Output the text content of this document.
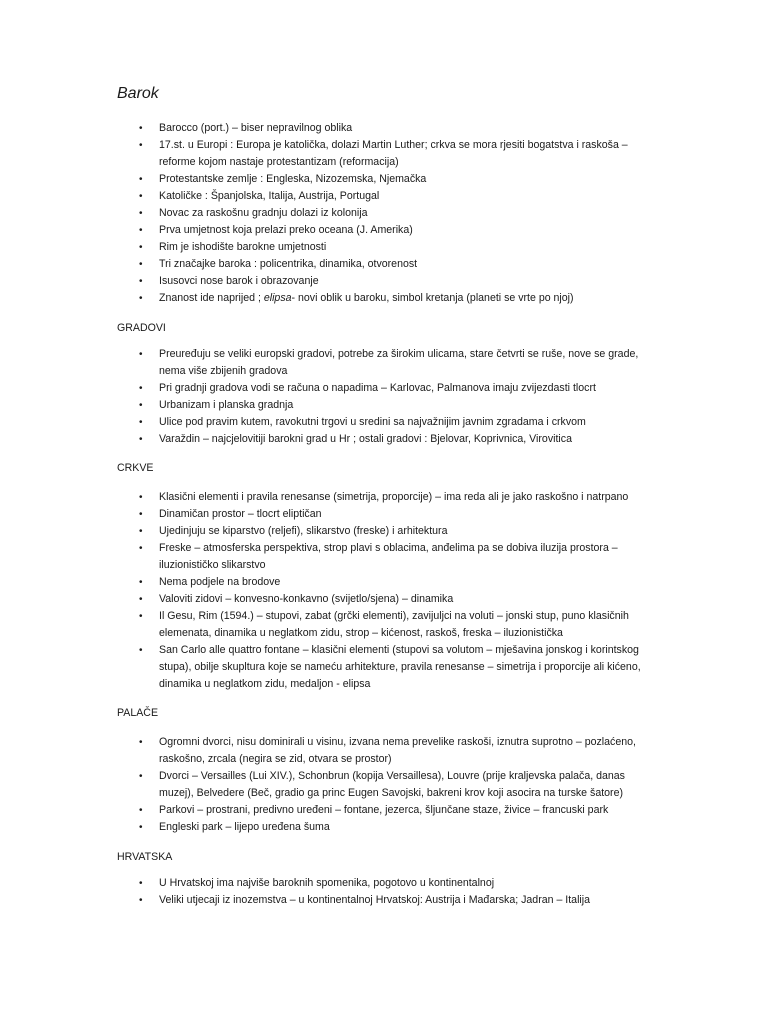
Barok
• Barocco (port.) – biser nepravilnog oblika
• 17.st. u Europi : Europa je katolička, dolazi Martin Luther; crkva se mora rjesiti bogatstva i raskoša – reforme kojom nastaje protestantizam (reformacija)
• Protestantske zemlje : Engleska, Nizozemska, Njemačka
• Katoličke : Španjolska, Italija, Austrija, Portugal
• Novac za raskošnu gradnju dolazi iz kolonija
• Prva umjetnost koja prelazi preko oceana (J. Amerika)
• Rim je ishodište barokne umjetnosti
• Tri značajke baroka : policentrika, dinamika, otvorenost
• Isusovci nose barok i obrazovanje
• Znanost ide naprijed ; elipsa- novi oblik u baroku, simbol kretanja (planeti se vrte po njoj)
GRADOVI
• Preuređuju se veliki europski gradovi, potrebe za širokim ulicama, stare četvrti se ruše, nove se grade, nema više zbijenih gradova
• Pri gradnji gradova vodi se računa o napadima – Karlovac, Palmanova imaju zvijezdasti tlocrt
• Urbanizam i planska gradnja
• Ulice pod pravim kutem, ravokutni trgovi u sredini sa najvažnijim javnim zgradama i crkvom
• Varaždin – najcjelovitiji barokni grad u Hr ; ostali gradovi : Bjelovar, Koprivnica, Virovitica
CRKVE
• Klasični elementi i pravila renesanse (simetrija, proporcije) – ima reda ali je jako raskošno i natrpano
• Dinamičan prostor – tlocrt eliptičan
• Ujedinjuju se kiparstvo (reljefi), slikarstvo (freske) i arhitektura
• Freske – atmosferska perspektiva, strop plavi s oblacima, anđelima pa se dobiva iluzija prostora – iluzionističko slikarstvo
• Nema podjele na brodove
• Valoviti zidovi – konvesno-konkavno (svijetlo/sjena) – dinamika
• Il Gesu, Rim (1594.) – stupovi, zabat (grčki elementi), zavijuljci na voluti – jonski stup, puno klasičnih elemenata, dinamika u neglatkom zidu, strop – kićenost, raskoš, freska – iluzionistička
• San Carlo alle quattro fontane – klasični elementi (stupovi sa volutom – mješavina jonskog i korintskog stupa), obilje skupltura koje se nameću arhitekture, pravila renesanse – simetrija i proporcije ali kićeno, dinamika u neglatkom zidu, medaljon - elipsa
PALAČE
• Ogromni dvorci, nisu dominirali u visinu, izvana nema prevelike raskoši, iznutra suprotno – pozlaćeno, raskošno, zrcala (negira se zid, otvara se prostor)
• Dvorci – Versailles (Lui XIV.), Schonbrun (kopija Versaillesa), Louvre (prije kraljevska palača, danas muzej), Belvedere (Beč, gradio ga princ Eugen Savojski, bakreni krov koji asocira na turske šatore)
• Parkovi – prostrani, predivno uređeni – fontane, jezerca, šljunčane staze, živice – francuski park
• Engleski park – lijepo uređena šuma
HRVATSKA
• U Hrvatskoj ima najviše baroknih spomenika, pogotovo u kontinentalnoj
• Veliki utjecaji iz inozemstva – u kontinentalnoj Hrvatskoj: Austrija i Mađarska; Jadran – Italija
